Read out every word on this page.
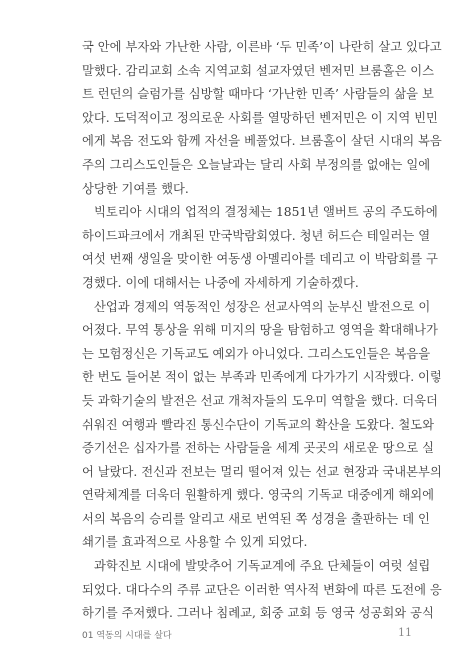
국 안에 부자와 가난한 사람, 이른바 ‘두 민족’이 나란히 살고 있다고
말했다. 감리교회 소속 지역교회 설교자였던 벤저민 브룸홀은 이스
트 런던의 슬럼가를 심방할 때마다 ‘가난한 민족’ 사람들의 삶을 보
았다. 도덕적이고 정의로운 사회를 열망하던 벤저민은 이 지역 빈민
에게 복음 전도와 함께 자선을 베풀었다. 브룸홀이 살던 시대의 복음
주의 그리스도인들은 오늘날과는 달리 사회 부정의를 없애는 일에
상당한 기여를 했다.
빅토리아 시대의 업적의 결정체는 1851년 앨버트 공의 주도하에
하이드파크에서 개최된 만국박람회였다. 청년 허드슨 테일러는 열
여섯 번째 생일을 맞이한 여동생 아멜리아를 데리고 이 박람회를 구
경했다. 이에 대해서는 나중에 자세하게 기술하겠다.
산업과 경제의 역동적인 성장은 선교사역의 눈부신 발전으로 이
어졌다. 무역 통상을 위해 미지의 땅을 탐험하고 영역을 확대해나가
는 모험정신은 기독교도 예외가 아니었다. 그리스도인들은 복음을
한 번도 들어본 적이 없는 부족과 민족에게 다가가기 시작했다. 이렇
듯 과학기술의 발전은 선교 개척자들의 도우미 역할을 했다. 더욱더
쉬워진 여행과 빨라진 통신수단이 기독교의 확산을 도왔다. 철도와
증기선은 십자가를 전하는 사람들을 세계 곳곳의 새로운 땅으로 실
어 날랐다. 전신과 전보는 멀리 떨어져 있는 선교 현장과 국내본부의
연락체계를 더욱더 원활하게 했다. 영국의 기독교 대중에게 해외에
서의 복음의 승리를 알리고 새로 번역된 쪽 성경을 출판하는 데 인
쇄기를 효과적으로 사용할 수 있게 되었다.
과학진보 시대에 발맞추어 기독교계에 주요 단체들이 여럿 설립
되었다. 대다수의 주류 교단은 이러한 역사적 변화에 따른 도전에 응
하기를 주저했다. 그러나 침례교, 회중 교회 등 영국 성공회와 공식
01 역동의 시대를 살다	11
